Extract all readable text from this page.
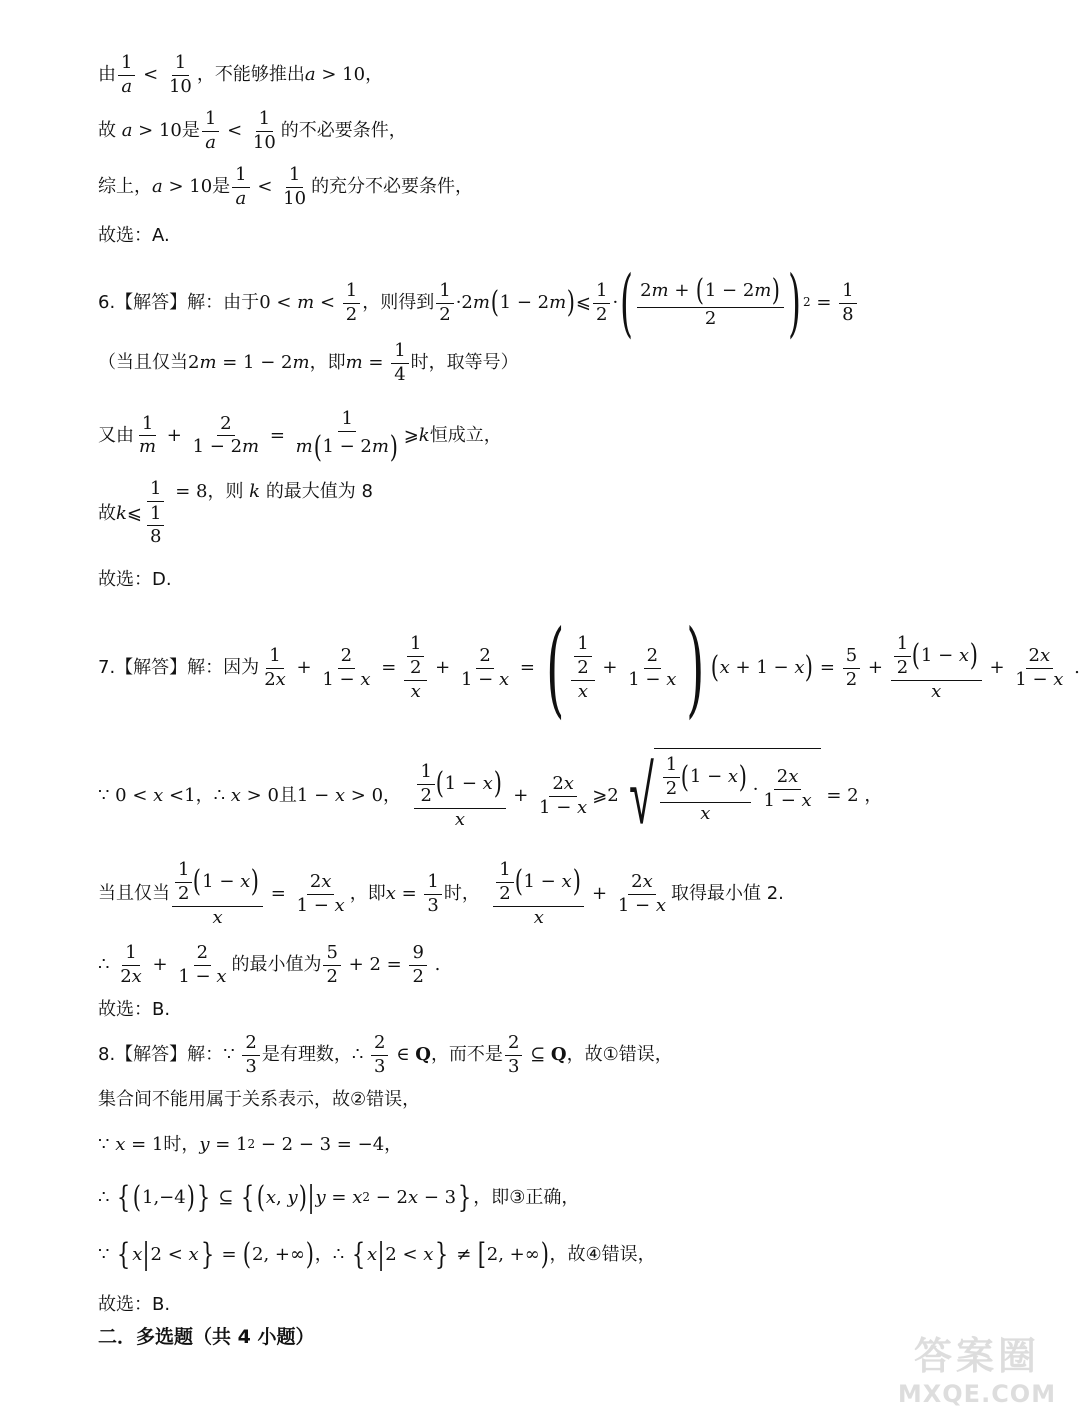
由 $\frac{1}{a} < \frac{1}{10}$ ，不能够推出 a > 10 ，
故 a > 10 是 $\frac{1}{a} < \frac{1}{10}$ 的不必要条件，
综上， a > 10 是 $\frac{1}{a} < \frac{1}{10}$ 的充分不必要条件，
故选：A.
6.【解答】解：由于 $0 < m < \frac{1}{2}$ ，则得到 $\frac{1}{2} \cdot 2$ m ( 1 − 2 m ) ⩽ $\frac{1}{2}$ · ( $\frac{2 m + ( 1 - 2 m )}{2}$ ) $2 = \frac{1}{8}$
（当且仅当 2 m = 1 − 2 m ，即 $m = \frac{1}{4}$ 时，取等号）
又由 $\frac{1}{m} + \frac{2}{1 - 2 m} = \frac{1}{m ( 1 - 2 m )}$ ⩾ k 恒成立，
故 k ⩽ $\frac{1}{\frac{1}{8}} = 8$ ，则 k 的最大值为 8
故选：D.
7.【解答】解：因为 $\frac{1}{2 x} + \frac{2}{1 - x} = \frac{\frac{1}{2}}{x} + \frac{2}{1 - x}$ = ( $\frac{\frac{1}{2}}{x} + \frac{2}{1 - x}$ ) ( x + 1 − x ) = $\frac{5}{2} + \frac{\frac{1}{2} ( 1 - x )}{x} + \frac{2 x}{1 - x}$ .
∵ 0 < x <1 ， ∴ x > 0 且 1 − x > 0 ， $\frac{\frac{1}{2} ( 1 - x )}{x} + \frac{2 x}{1 - x}$ ⩾2 √ $\frac{\frac{1}{2} ( 1 - x )}{x} \cdot \frac{2 x}{1 - x} = 2$ ，
当且仅当 $\frac{\frac{1}{2} ( 1 - x )}{x} = \frac{2 x}{1 - x}$ ，即 $x = \frac{1}{3}$ 时，
$\frac{\frac{1}{2} ( 1 - x )}{x} + \frac{2 x}{1 - x}$ 取得最小值 2.
∴ $\frac{1}{2 x} + \frac{2}{1 - x}$ 的最小值为 $\frac{5}{2} + 2 = \frac{9}{2}$ .
故选：B.
8.【解答】解： ∵ $\frac{2}{3}$ 是有理数， ∴ $\frac{2}{3}$ ∈ Q ，而不是 $\frac{2}{3}$ ⊆ Q ，故①错误，
集合间不能用属于关系表示，故②错误，
∵ x = 1 时， y = 1 2 − 2 − 3 = −4 ，
∴ { ( 1,−4 ) } ⊆ { ( x , y ) | y = x 2 − 2 x − 3 } ，即③正确，
∵ { x | 2 < x } = ( 2, +∞ ) ， ∴ { x | 2 < x } ≠ [ 2, +∞ ) ，故④错误，
故选：B.
二．多选题（共 4 小题）	答案圈
MXQE.COM
